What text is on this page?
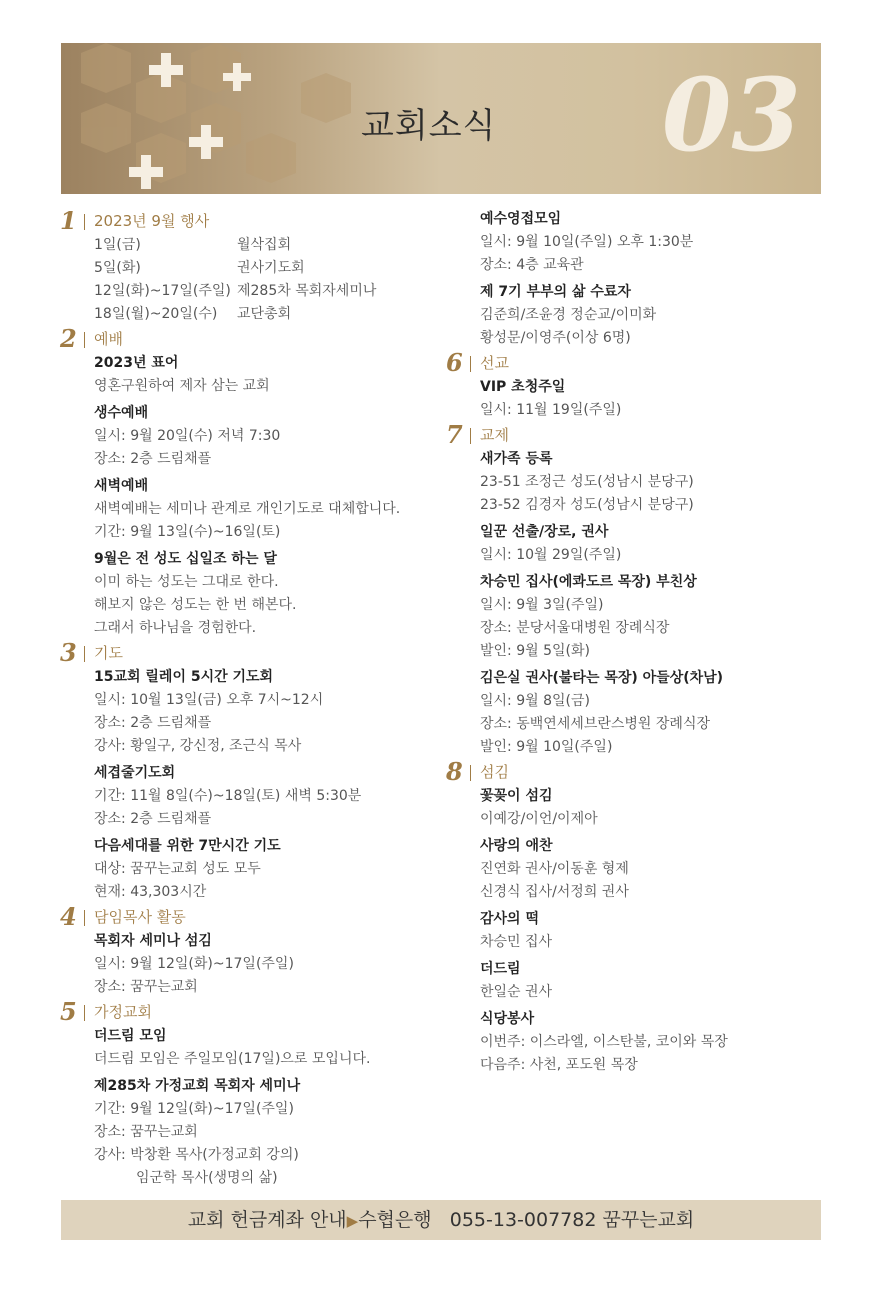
교회소식 03
1 2023년 9월 행사
1일(금)	월삭집회
5일(화)	권사기도회
12일(화)~17일(주일) 제285차 목회자세미나
18일(월)~20일(수)	교단총회
2 예배
2023년 표어
영혼구원하여 제자 삼는 교회
생수예배
일시: 9월 20일(수) 저녁 7:30
장소: 2층 드림채플
새벽예배
새벽예배는 세미나 관계로 개인기도로 대체합니다.
기간: 9월 13일(수)~16일(토)
9월은 전 성도 십일조 하는 달
이미 하는 성도는 그대로 한다.
해보지 않은 성도는 한 번 해본다.
그래서 하나님을 경험한다.
3 기도
15교회 릴레이 5시간 기도회
일시: 10월 13일(금) 오후 7시~12시
장소: 2층 드림채플
강사: 황일구, 강신정, 조근식 목사
세겹줄기도회
기간: 11월 8일(수)~18일(토) 새벽 5:30분
장소: 2층 드림채플
다음세대를 위한 7만시간 기도
대상: 꿈꾸는교회 성도 모두
현재: 43,303시간
4 담임목사 활동
목회자 세미나 섬김
일시: 9월 12일(화)~17일(주일)
장소: 꿈꾸는교회
5 가정교회
더드림 모임
더드림 모임은 주일모임(17일)으로 모입니다.
제285차 가정교회 목회자 세미나
기간: 9월 12일(화)~17일(주일)
장소: 꿈꾸는교회
강사: 박창환 목사(가정교회 강의)
　　　임군학 목사(생명의 삶)
예수영접모임
일시: 9월 10일(주일) 오후 1:30분
장소: 4층 교육관
제 7기 부부의 삶 수료자
김준희/조윤경 정순교/이미화
황성문/이영주(이상 6명)
6 선교
VIP 초청주일
일시: 11월 19일(주일)
7 교제
새가족 등록
23-51 조정근 성도(성남시 분당구)
23-52 김경자 성도(성남시 분당구)
일꾼 선출/장로, 권사
일시: 10월 29일(주일)
차승민 집사(에콰도르 목장) 부친상
일시: 9월 3일(주일)
장소: 분당서울대병원 장례식장
발인: 9월 5일(화)
김은실 권사(불타는 목장) 아들상(차남)
일시: 9월 8일(금)
장소: 동백연세세브란스병원 장례식장
발인: 9월 10일(주일)
8 섬김
꽃꽂이 섬김
이예강/이언/이제아
사랑의 애찬
진연화 권사/이동훈 형제
신경식 집사/서정희 권사
감사의 떡
차승민 집사
더드림
한일순 권사
식당봉사
이번주: 이스라엘, 이스탄불, 코이와 목장
다음주: 사천, 포도원 목장
교회 헌금계좌 안내▶수협은행 055-13-007782 꿈꾸는교회
